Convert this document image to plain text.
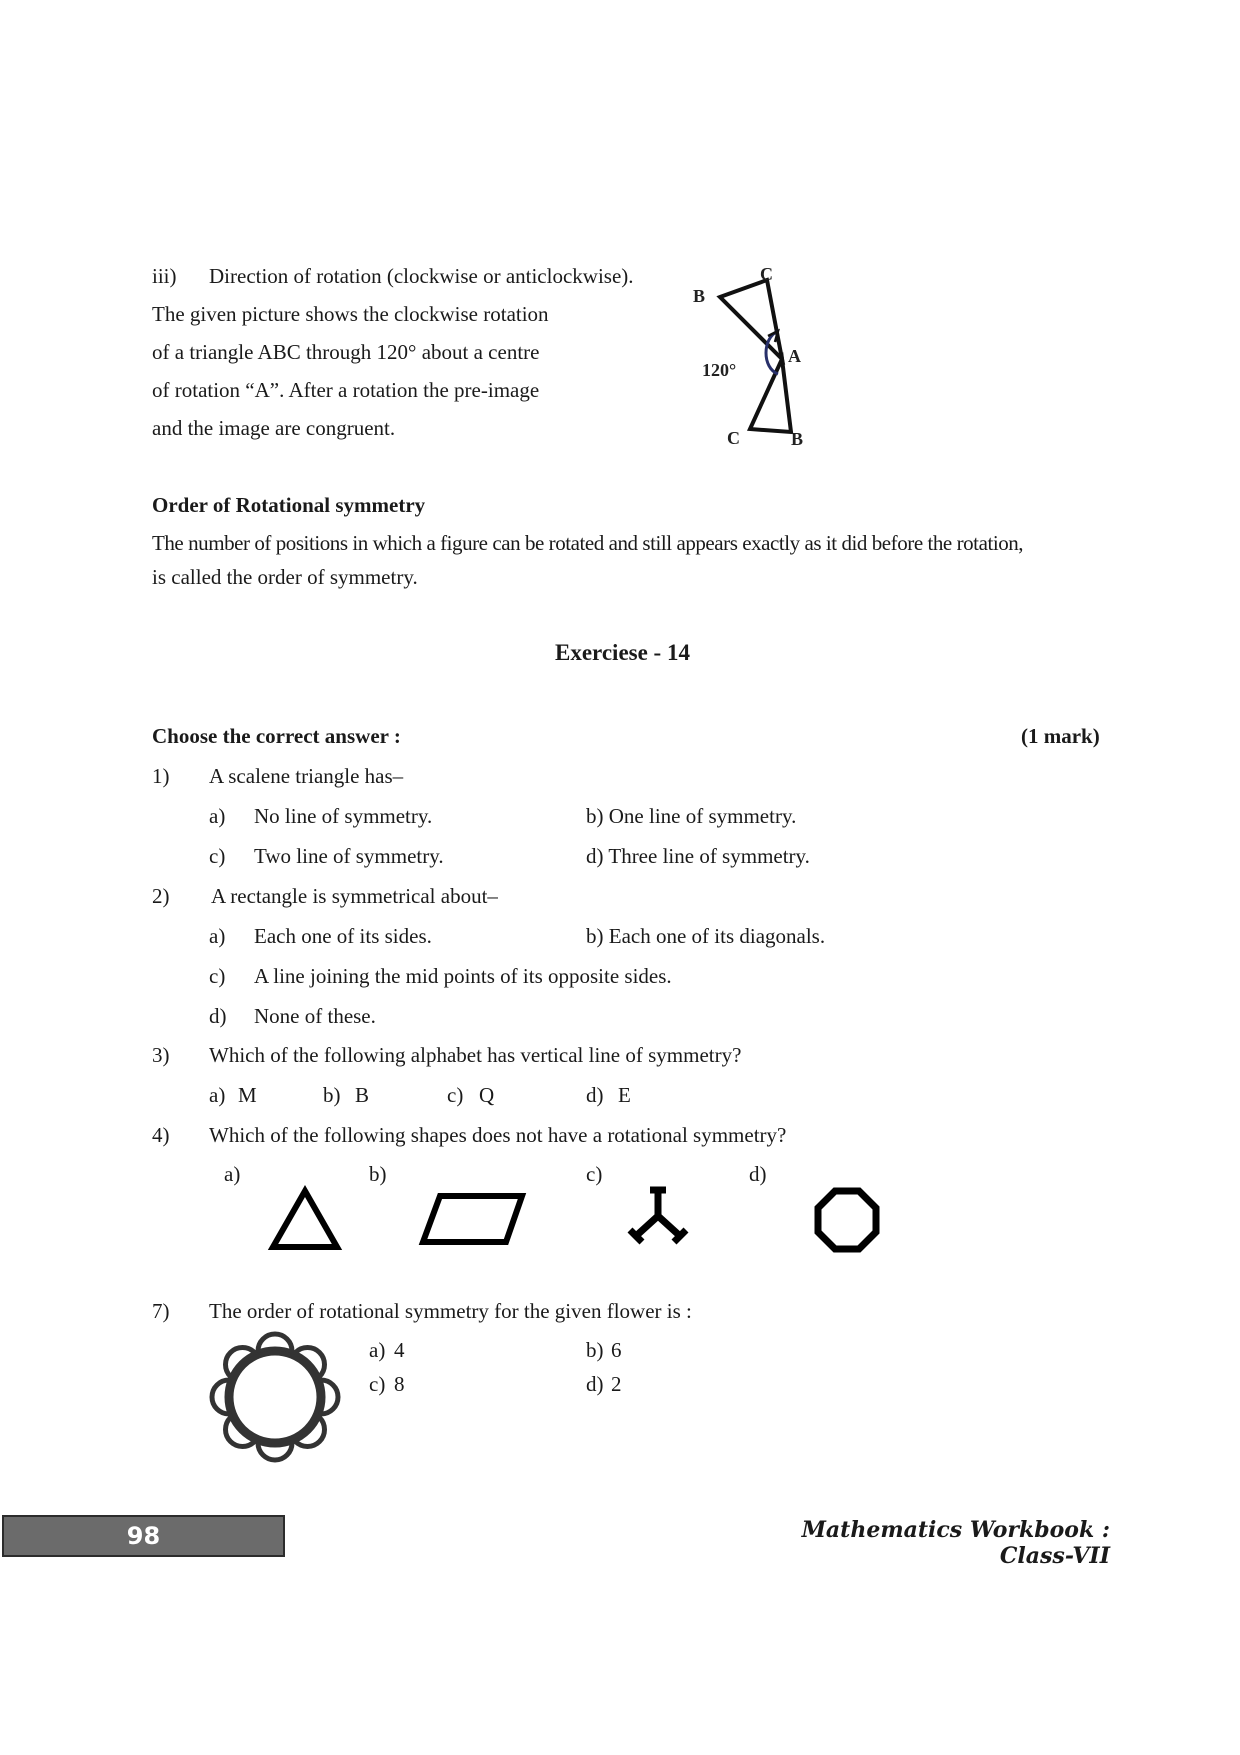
iii) Direction of rotation (clockwise or anticlockwise).
The given picture shows the clockwise rotation
of a triangle ABC through 120° about a centre
of rotation “A”. After a rotation the pre-image
and the image are congruent.
B
C
A
120°
C	B
Order of Rotational symmetry
The number of positions in which a figure can be rotated and still appears exactly as it did before the rotation,
is called the order of symmetry.
Exerciese - 14
Choose the correct answer :	(1 mark)
1) A scalene triangle has–
a) No line of symmetry.	b) One line of symmetry.
c) Two line of symmetry.	d) Three line of symmetry.
2) A rectangle is symmetrical about–
a) Each one of its sides.	b) Each one of its diagonals.
c) A line joining the mid points of its opposite sides.
d) None of these.
3) Which of the following alphabet has vertical line of symmetry?
a) M	b) B	c) Q	d) E
4) Which of the following shapes does not have a rotational symmetry?
a)	b)	c)	d)
7) The order of rotational symmetry for the given flower is :
a) 4	b) 6
c) 8	d) 2
98	Mathematics Workbook : Class-VII
